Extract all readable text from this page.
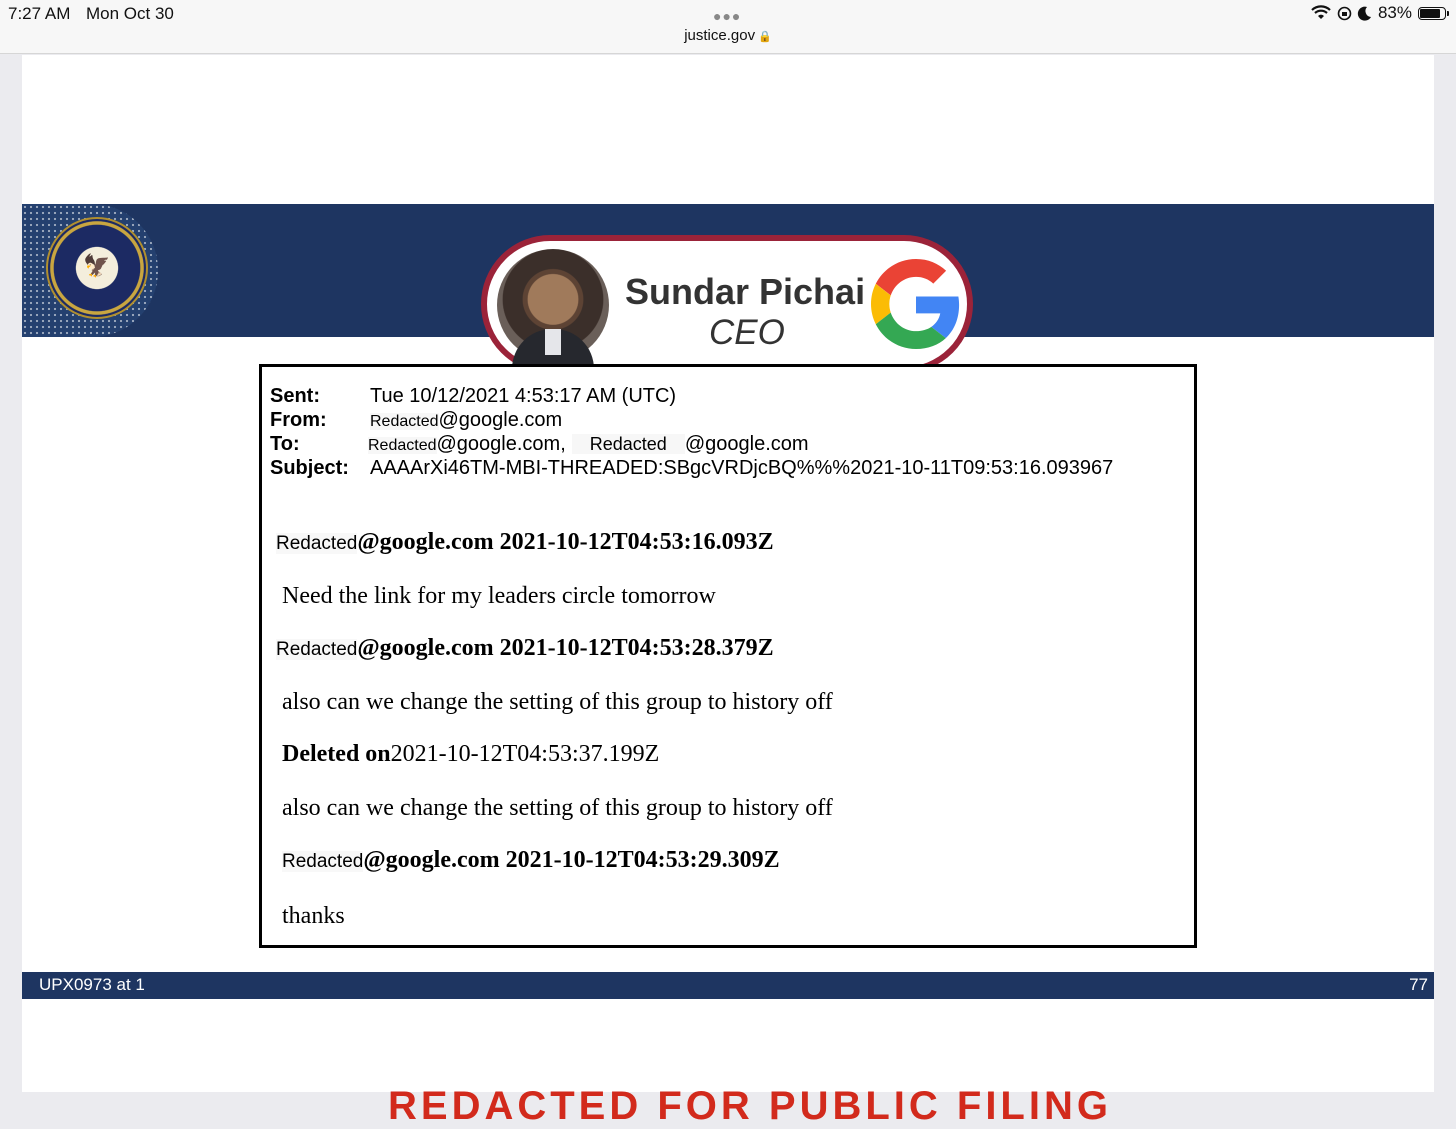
7:27 AM Mon Oct 30	●●●
justice.gov 🔒
83%
🦅
Sundar Pichai
CEO
Sent:	Tue 10/12/2021 4:53:17 AM (UTC)
From:	Redacted@google.com
To:	Redacted@google.com, Redacted @google.com
Subject: AAAArXi46TM-MBI-THREADED:SBgcVRDjcBQ%%%2021-10-11T09:53:16.093967
Redacted@google.com 2021-10-12T04:53:16.093Z
Need the link for my leaders circle tomorrow
Redacted@google.com 2021-10-12T04:53:28.379Z
also can we change the setting of this group to history off
Deleted on2021-10-12T04:53:37.199Z
also can we change the setting of this group to history off
Redacted@google.com 2021-10-12T04:53:29.309Z
thanks
UPX0973 at 1	77
REDACTED FOR PUBLIC FILING
